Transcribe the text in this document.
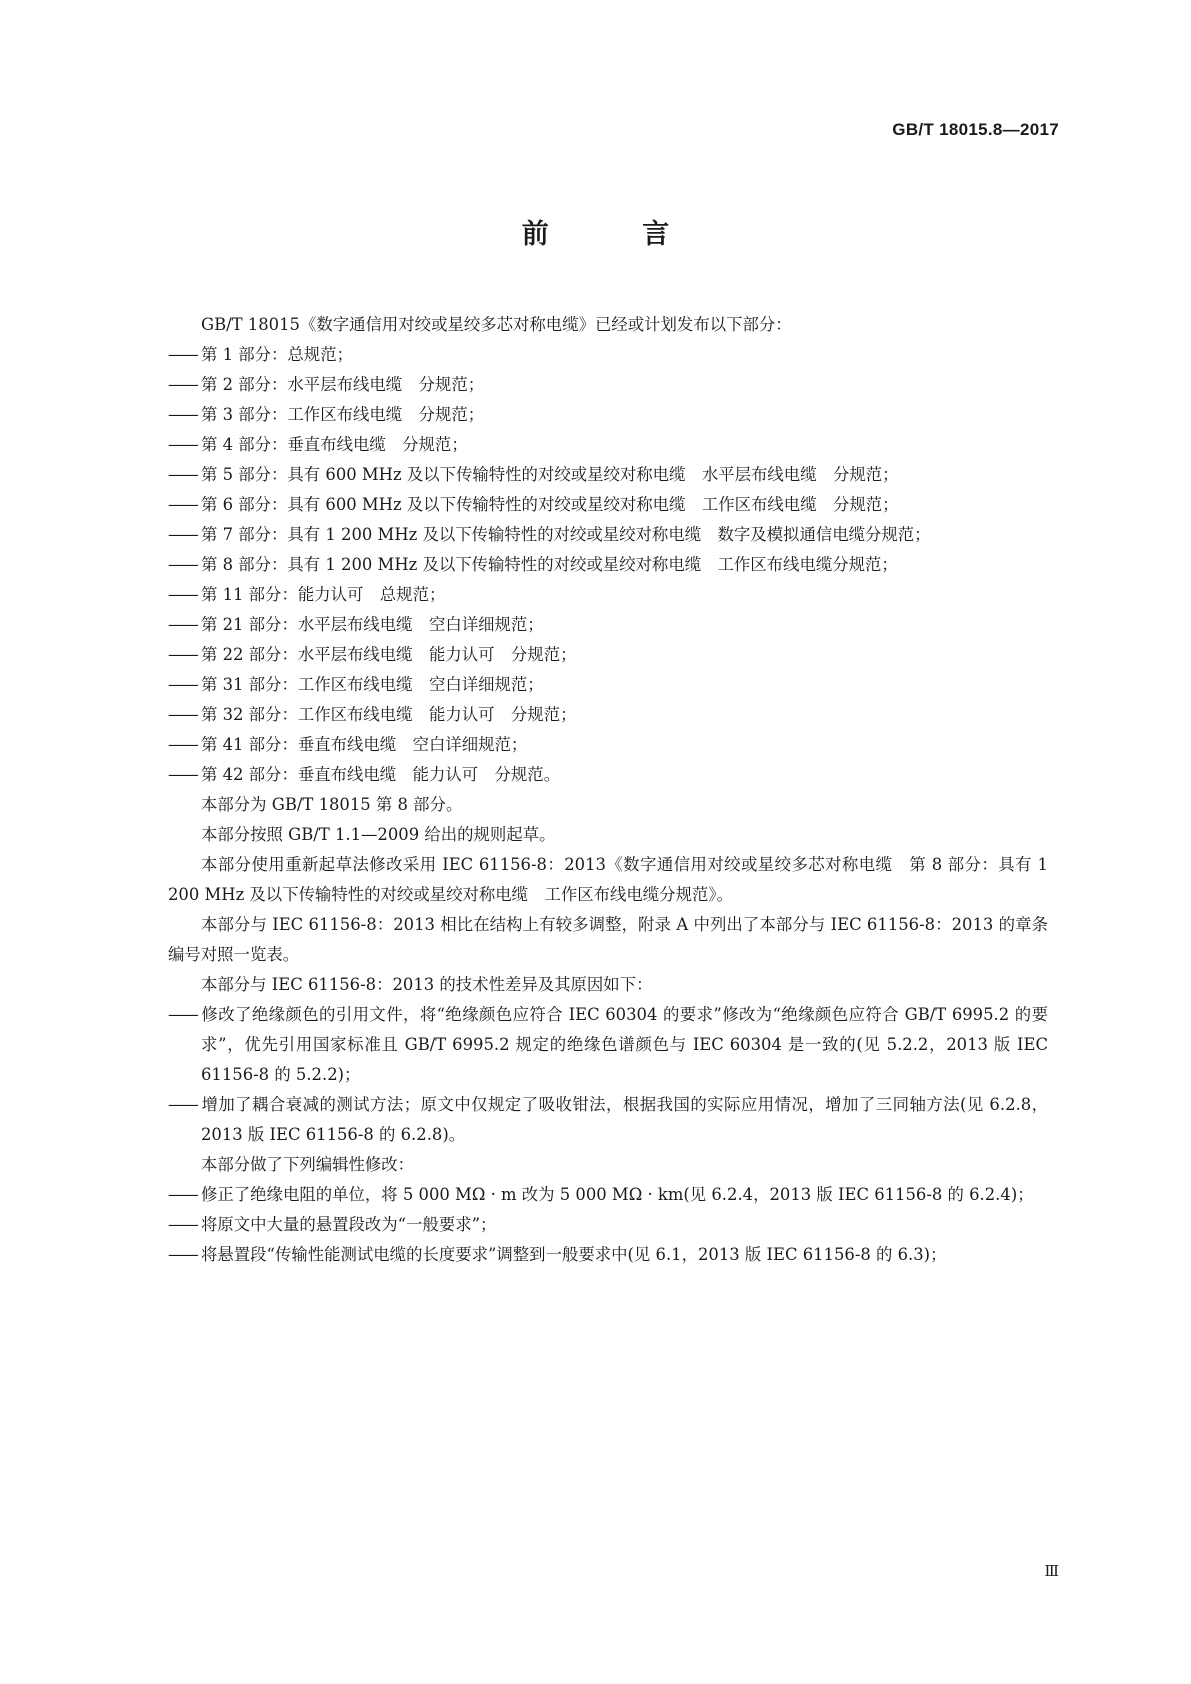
GB/T 18015.8—2017
前 言

GB/T 18015《数字通信用对绞或星绞多芯对称电缆》已经或计划发布以下部分：

—— 第 1 部分：总规范；

—— 第 2 部分：水平层布线电缆　分规范；

—— 第 3 部分：工作区布线电缆　分规范；

—— 第 4 部分：垂直布线电缆　分规范；

—— 第 5 部分：具有 600 MHz 及以下传输特性的对绞或星绞对称电缆　水平层布线电缆　分规范；

—— 第 6 部分：具有 600 MHz 及以下传输特性的对绞或星绞对称电缆　工作区布线电缆　分规范；

—— 第 7 部分：具有 1 200 MHz 及以下传输特性的对绞或星绞对称电缆　数字及模拟通信电缆分规范；

—— 第 8 部分：具有 1 200 MHz 及以下传输特性的对绞或星绞对称电缆　工作区布线电缆分规范；

—— 第 11 部分：能力认可　总规范；

—— 第 21 部分：水平层布线电缆　空白详细规范；

—— 第 22 部分：水平层布线电缆　能力认可　分规范；

—— 第 31 部分：工作区布线电缆　空白详细规范；

—— 第 32 部分：工作区布线电缆　能力认可　分规范；

—— 第 41 部分：垂直布线电缆　空白详细规范；

—— 第 42 部分：垂直布线电缆　能力认可　分规范。

本部分为 GB/T 18015 第 8 部分。

本部分按照 GB/T 1.1—2009 给出的规则起草。

本部分使用重新起草法修改采用 IEC 61156-8：2013《数字通信用对绞或星绞多芯对称电缆　第 8 部分：具有 1 200 MHz 及以下传输特性的对绞或星绞对称电缆　工作区布线电缆分规范》。

本部分与 IEC 61156-8：2013 相比在结构上有较多调整，附录 A 中列出了本部分与 IEC 61156-8：2013 的章条编号对照一览表。

本部分与 IEC 61156-8：2013 的技术性差异及其原因如下：

—— 修改了绝缘颜色的引用文件，将“绝缘颜色应符合 IEC 60304 的要求”修改为“绝缘颜色应符合 GB/T 6995.2 的要求”，优先引用国家标准且 GB/T 6995.2 规定的绝缘色谱颜色与 IEC 60304 是一致的(见 5.2.2，2013 版 IEC 61156-8 的 5.2.2)；

—— 增加了耦合衰减的测试方法；原文中仅规定了吸收钳法，根据我国的实际应用情况，增加了三同轴方法(见 6.2.8，2013 版 IEC 61156-8 的 6.2.8)。

本部分做了下列编辑性修改：

—— 修正了绝缘电阻的单位，将 5 000 MΩ · m 改为 5 000 MΩ · km(见 6.2.4，2013 版 IEC 61156-8 的 6.2.4)；

—— 将原文中大量的悬置段改为“一般要求”；

—— 将悬置段“传输性能测试电缆的长度要求”调整到一般要求中(见 6.1，2013 版 IEC 61156-8 的 6.3)；

Ⅲ
